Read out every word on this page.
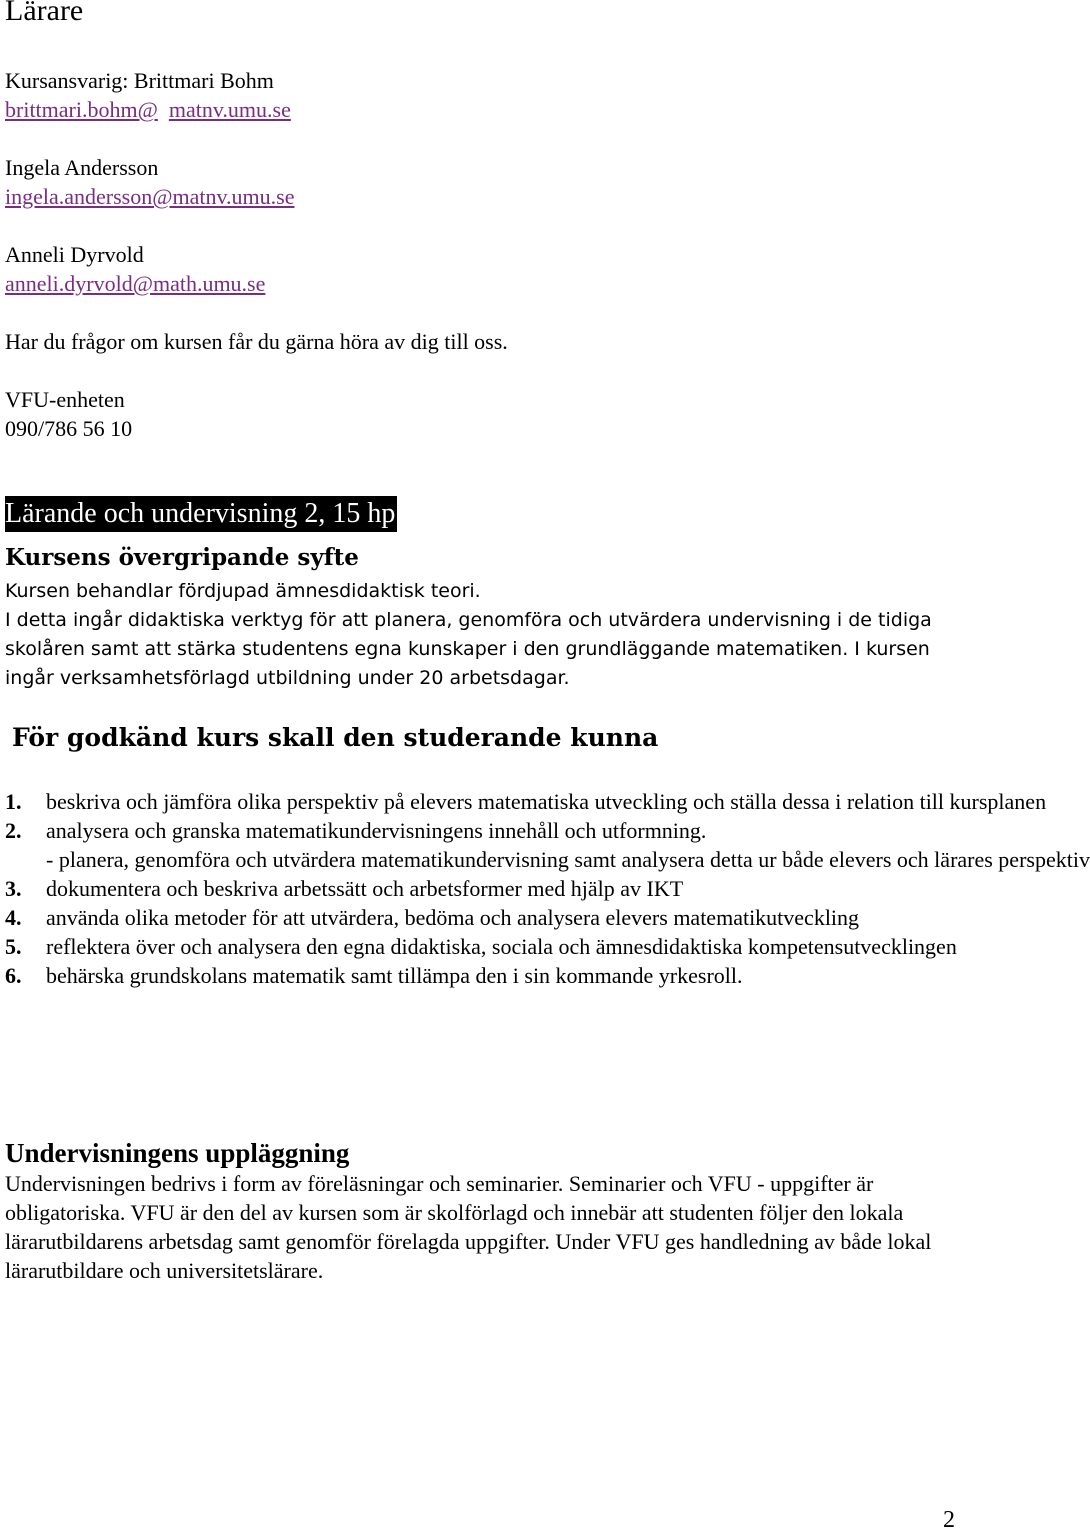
Lärare
Kursansvarig: Brittmari Bohm
brittmari.bohm@ matnv.umu.se
Ingela Andersson
ingela.andersson@matnv.umu.se
Anneli Dyrvold
anneli.dyrvold@math.umu.se
Har du frågor om kursen får du gärna höra av dig till oss.
VFU-enheten
090/786 56 10
Lärande och undervisning 2, 15 hp
Kursens övergripande syfte
Kursen behandlar fördjupad ämnesdidaktisk teori.
I detta ingår didaktiska verktyg för att planera, genomföra och utvärdera undervisning i de tidiga skolåren samt att stärka studentens egna kunskaper i den grundläggande matematiken. I kursen ingår verksamhetsförlagd utbildning under 20 arbetsdagar.
För godkänd kurs skall den studerande kunna
1. beskriva och jämföra olika perspektiv på elevers matematiska utveckling och ställa dessa i relation till kursplanen
2. analysera och granska matematikundervisningens innehåll och utformning.
- planera, genomföra och utvärdera matematikundervisning samt analysera detta ur både elevers och lärares perspektiv
3. dokumentera och beskriva arbetssätt och arbetsformer med hjälp av IKT
4. använda olika metoder för att utvärdera, bedöma och analysera elevers matematikutveckling
5. reflektera över och analysera den egna didaktiska, sociala och ämnesdidaktiska kompetensutvecklingen
6. behärska grundskolans matematik samt tillämpa den i sin kommande yrkesroll.
Undervisningens uppläggning
Undervisningen bedrivs i form av föreläsningar och seminarier. Seminarier och VFU - uppgifter är obligatoriska. VFU är den del av kursen som är skolförlagd och innebär att studenten följer den lokala lärarutbildarens arbetsdag samt genomför förelagda uppgifter. Under VFU ges handledning av både lokal lärarutbildare och universitetslärare.
2
